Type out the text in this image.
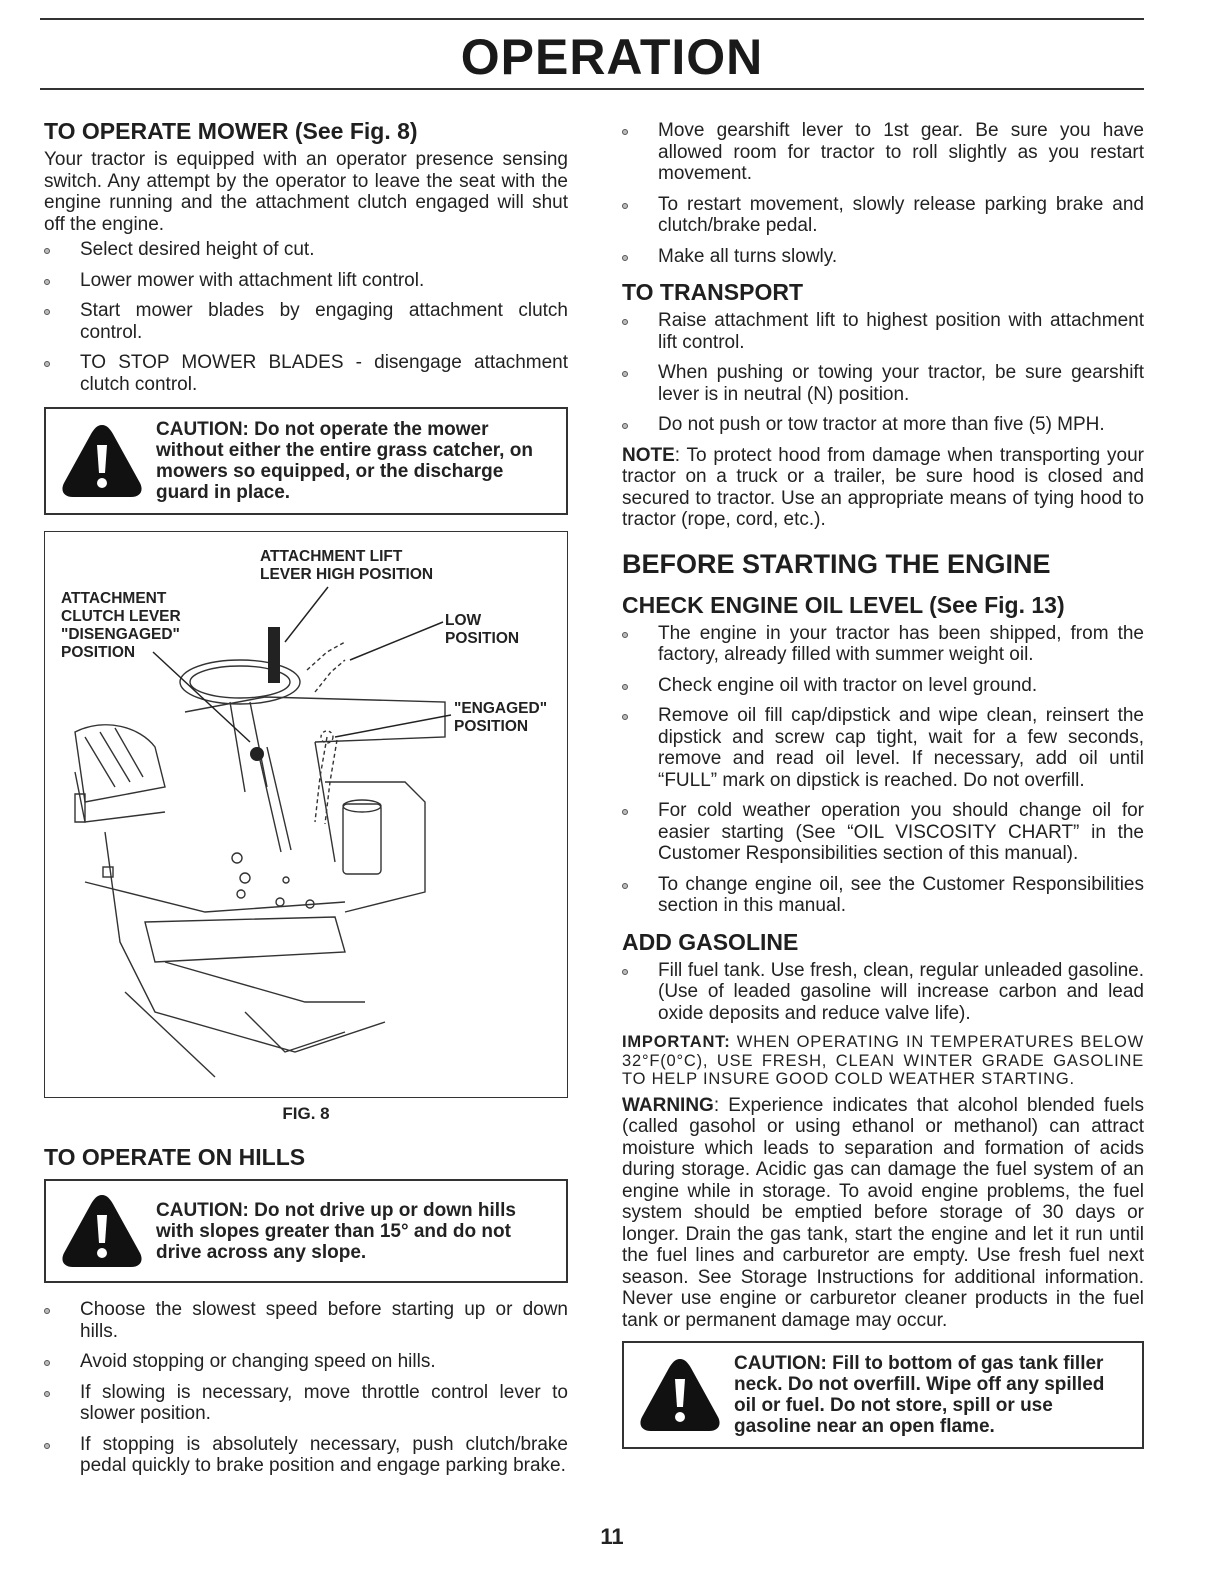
OPERATION
TO OPERATE MOWER (See Fig. 8)

Your tractor is equipped with an operator presence sensing switch. Any attempt by the operator to leave the seat with the engine running and the attachment clutch engaged will shut off the engine.

Select desired height of cut.
Lower mower with attachment lift control.
Start mower blades by engaging attachment clutch control.
TO STOP MOWER BLADES - disengage attachment clutch control.
CAUTION: Do not operate the mower without either the entire grass catcher, on mowers so equipped, or the discharge guard in place.
ATTACHMENT LIFT
LEVER HIGH POSITION
ATTACHMENT
CLUTCH LEVER
"DISENGAGED"
POSITION
LOW
POSITION
"ENGAGED"
POSITION
FIG. 8
TO OPERATE ON HILLS
CAUTION: Do not drive up or down hills with slopes greater than 15° and do not drive across any slope.
Choose the slowest speed before starting up or down hills.
Avoid stopping or changing speed on hills.
If slowing is necessary, move throttle control lever to slower position.
If stopping is absolutely necessary, push clutch/brake pedal quickly to brake position and engage parking brake.
Move gearshift lever to 1st gear. Be sure you have allowed room for tractor to roll slightly as you restart movement.
To restart movement, slowly release parking brake and clutch/brake pedal.
Make all turns slowly.
TO TRANSPORT
Raise attachment lift to highest position with attachment lift control.
When pushing or towing your tractor, be sure gearshift lever is in neutral (N) position.
Do not push or tow tractor at more than five (5) MPH.

NOTE: To protect hood from damage when transporting your tractor on a truck or a trailer, be sure hood is closed and secured to tractor. Use an appropriate means of tying hood to tractor (rope, cord, etc.).

BEFORE STARTING THE ENGINE
CHECK ENGINE OIL LEVEL (See Fig. 13)
The engine in your tractor has been shipped, from the factory, already filled with summer weight oil.
Check engine oil with tractor on level ground.
Remove oil fill cap/dipstick and wipe clean, reinsert the dipstick and screw cap tight, wait for a few seconds, remove and read oil level. If necessary, add oil until “FULL” mark on dipstick is reached. Do not overfill.
For cold weather operation you should change oil for easier starting (See “OIL VISCOSITY CHART” in the Customer Responsibilities section of this manual).
To change engine oil, see the Customer Responsibilities section in this manual.
ADD GASOLINE
Fill fuel tank. Use fresh, clean, regular unleaded gasoline. (Use of leaded gasoline will increase carbon and lead oxide deposits and reduce valve life).

IMPORTANT: WHEN OPERATING IN TEMPERATURES BELOW 32°F(0°C), USE FRESH, CLEAN WINTER GRADE GASOLINE TO HELP INSURE GOOD COLD WEATHER STARTING.

WARNING: Experience indicates that alcohol blended fuels (called gasohol or using ethanol or methanol) can attract moisture which leads to separation and formation of acids during storage. Acidic gas can damage the fuel system of an engine while in storage. To avoid engine problems, the fuel system should be emptied before storage of 30 days or longer. Drain the gas tank, start the engine and let it run until the fuel lines and carburetor are empty. Use fresh fuel next season. See Storage Instructions for additional information. Never use engine or carburetor cleaner products in the fuel tank or permanent damage may occur.

CAUTION: Fill to bottom of gas tank filler neck. Do not overfill. Wipe off any spilled oil or fuel. Do not store, spill or use gasoline near an open flame.
11
